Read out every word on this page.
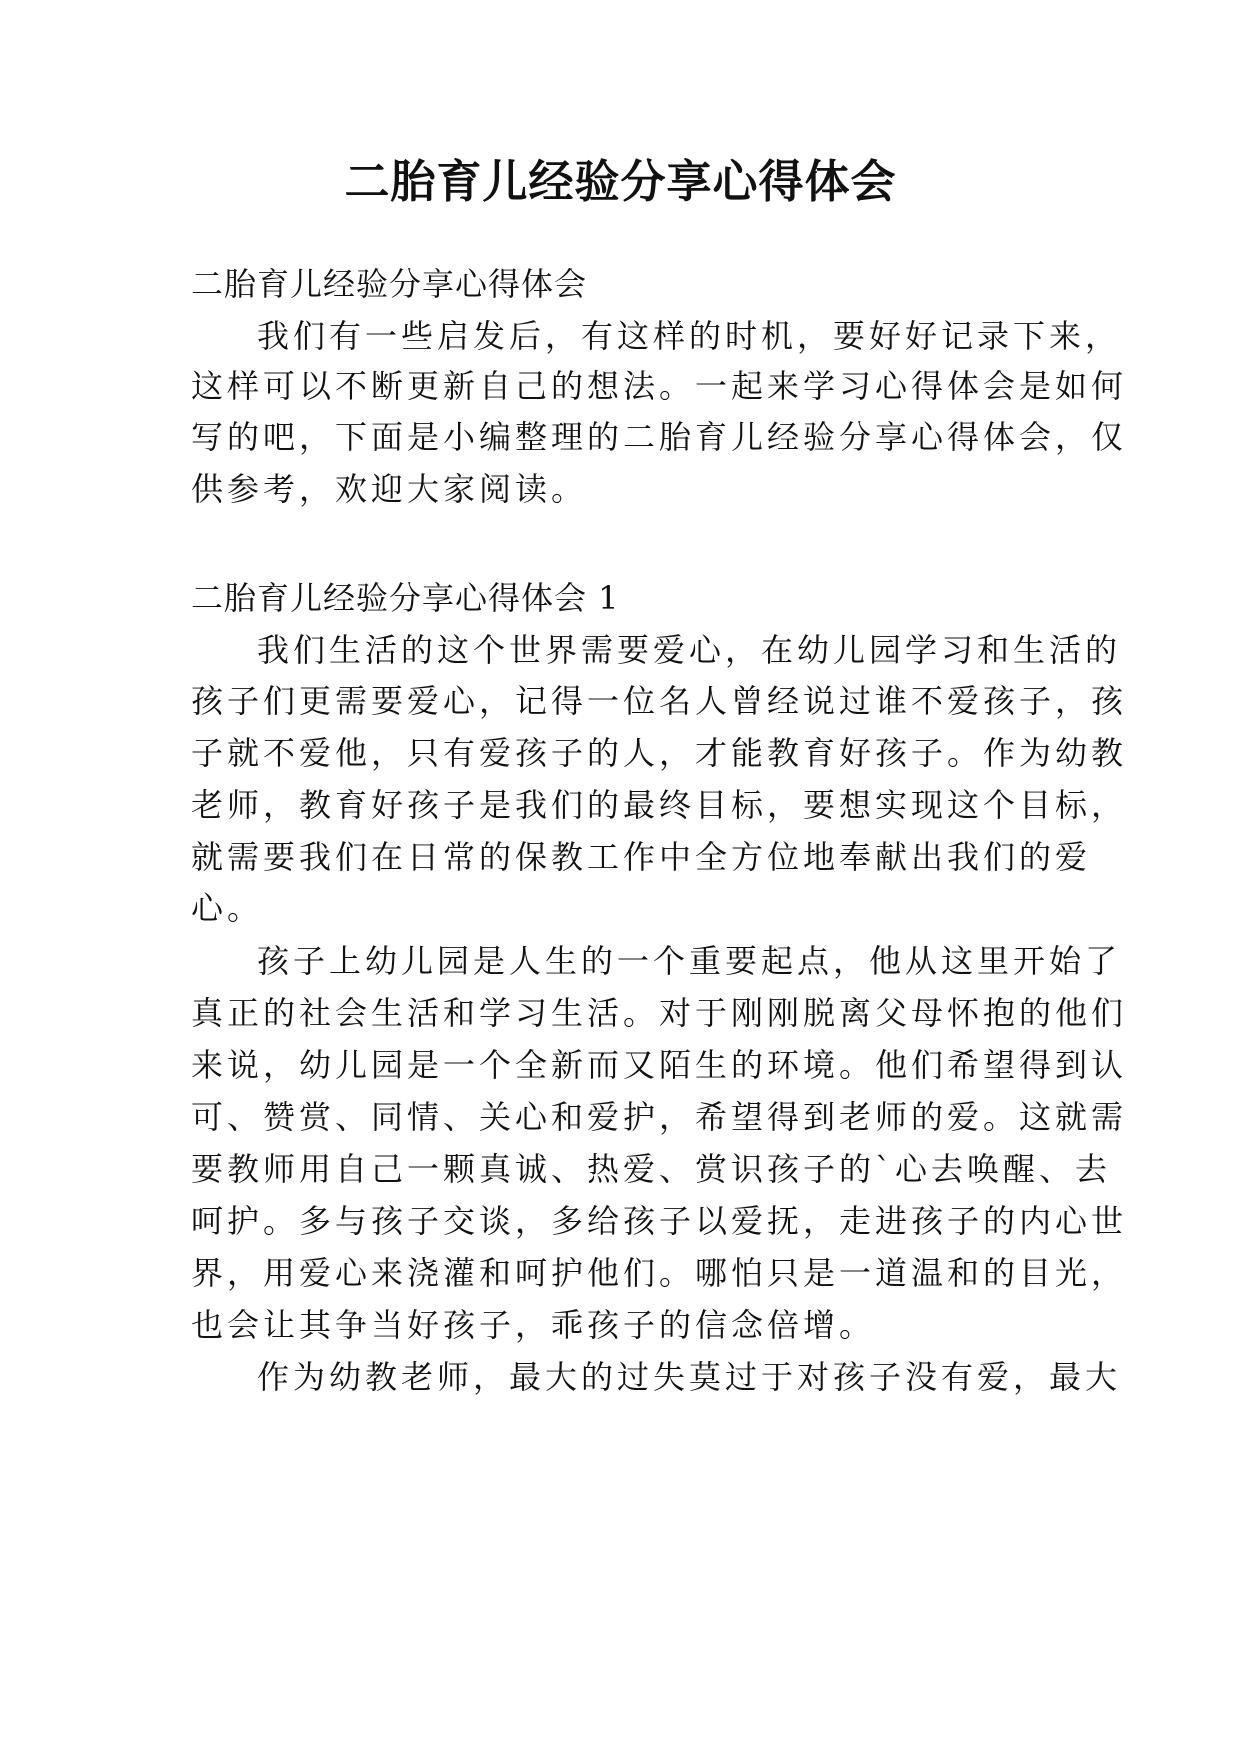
二胎育儿经验分享心得体会

二胎育儿经验分享心得体会

我们有一些启发后，有这样的时机，要好好记录下来，

这样可以不断更新自己的想法。一起来学习心得体会是如何

写的吧，下面是小编整理的二胎育儿经验分享心得体会，仅

供参考，欢迎大家阅读。

二胎育儿经验分享心得体会 1

我们生活的这个世界需要爱心，在幼儿园学习和生活的

孩子们更需要爱心，记得一位名人曾经说过谁不爱孩子，孩

子就不爱他，只有爱孩子的人，才能教育好孩子。作为幼教

老师，教育好孩子是我们的最终目标，要想实现这个目标，

就需要我们在日常的保教工作中全方位地奉献出我们的爱

心。

孩子上幼儿园是人生的一个重要起点，他从这里开始了

真正的社会生活和学习生活。对于刚刚脱离父母怀抱的他们

来说，幼儿园是一个全新而又陌生的环境。他们希望得到认

可、赞赏、同情、关心和爱护，希望得到老师的爱。这就需

要教师用自己一颗真诚、热爱、赏识孩子的`心去唤醒、去

呵护。多与孩子交谈，多给孩子以爱抚，走进孩子的内心世

界，用爱心来浇灌和呵护他们。哪怕只是一道温和的目光，

也会让其争当好孩子，乖孩子的信念倍增。

作为幼教老师，最大的过失莫过于对孩子没有爱，最大
